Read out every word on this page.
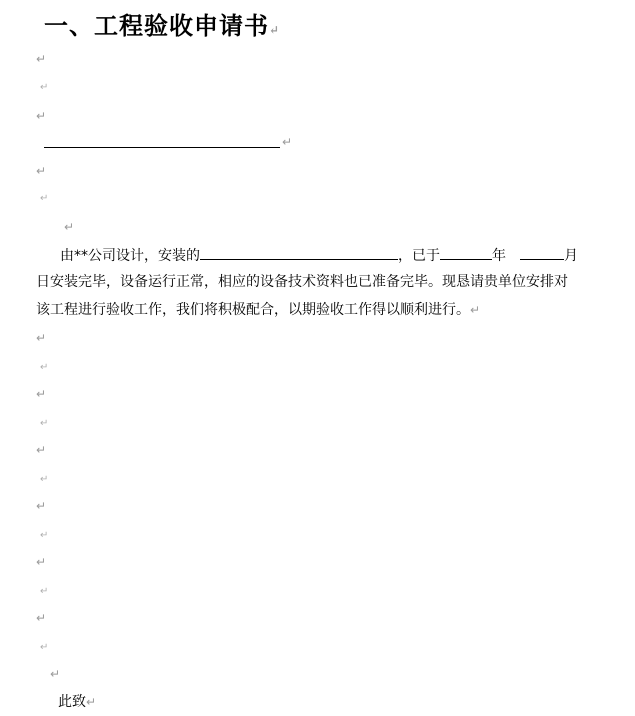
一、工程验收申请书↵
↵
↵
↵
↵
↵
↵
↵
由**公司设计，安装的	，已于	年	月
日安装完毕，设备运行正常，相应的设备技术资料也已准备完毕。现恳请贵单位安排对
该工程进行验收工作，我们将积极配合，以期验收工作得以顺利进行。↵
↵
↵
↵
↵
↵
↵
↵
↵
↵
↵
↵
↵
↵
此致↵
